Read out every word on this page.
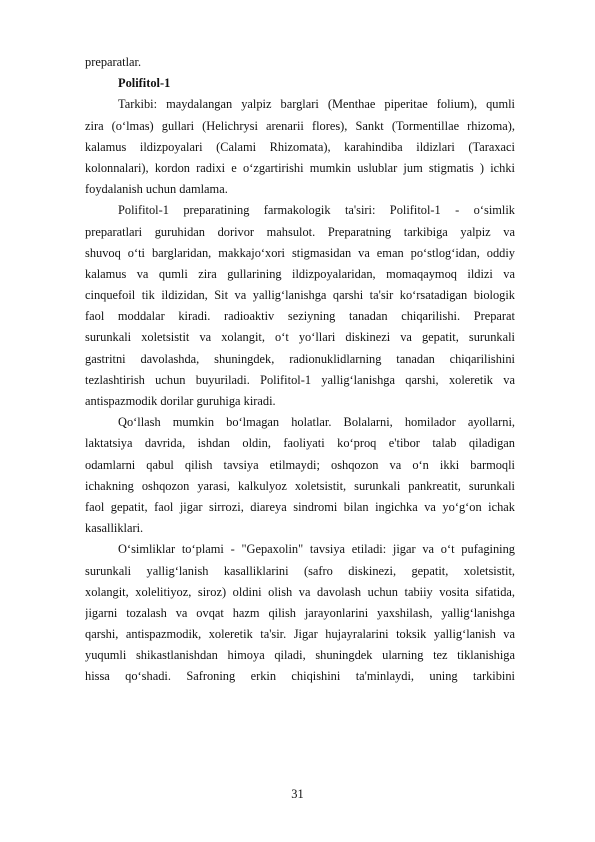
preparatlar.
Polifitol-1
Tarkibi: maydalangan yalpiz barglari (Menthae piperitae folium), qumli
zira (o‘lmas) gullari (Helichrysi arenarii flores), Sankt (Tormentillae rhizoma),
kalamus ildizpoyalari (Calami Rhizomata), karahindiba ildizlari (Taraxaci
kolonnalari), kordon radixi e o‘zgartirishi mumkin uslublar jum stigmatis ) ichki
foydalanish uchun damlama.
Polifitol-1 preparatining farmakologik ta'siri: Polifitol-1 - o‘simlik
preparatlari guruhidan dorivor mahsulot. Preparatning tarkibiga yalpiz va
shuvoq o‘ti barglaridan, makkajo‘xori stigmasidan va eman po‘stlog‘idan, oddiy
kalamus va qumli zira gullarining ildizpoyalaridan, momaqaymoq ildizi va
cinquefoil tik ildizidan, Sit va yallig‘lanishga qarshi ta'sir ko‘rsatadigan biologik
faol moddalar kiradi. radioaktiv seziyning tanadan chiqarilishi. Preparat
surunkali xoletsistit va xolangit, o‘t yo‘llari diskinezi va gepatit, surunkali
gastritni davolashda, shuningdek, radionuklidlarning tanadan chiqarilishini
tezlashtirish uchun buyuriladi. Polifitol-1 yallig‘lanishga qarshi, xoleretik va
antispazmodik dorilar guruhiga kiradi.
Qo‘llash mumkin bo‘lmagan holatlar. Bolalarni, homilador ayollarni,
laktatsiya davrida, ishdan oldin, faoliyati ko‘proq e'tibor talab qiladigan
odamlarni qabul qilish tavsiya etilmaydi; oshqozon va o‘n ikki barmoqli
ichakning oshqozon yarasi, kalkulyoz xoletsistit, surunkali pankreatit, surunkali
faol gepatit, faol jigar sirrozi, diareya sindromi bilan ingichka va yo‘g‘on ichak
kasalliklari.
O‘simliklar to‘plami - "Gepaxolin" tavsiya etiladi: jigar va o‘t pufagining
surunkali yallig‘lanish kasalliklarini (safro diskinezi, gepatit, xoletsistit,
xolangit, xolelitiyoz, siroz) oldini olish va davolash uchun tabiiy vosita sifatida,
jigarni tozalash va ovqat hazm qilish jarayonlarini yaxshilash, yallig‘lanishga
qarshi, antispazmodik, xoleretik ta'sir. Jigar hujayralarini toksik yallig‘lanish va
yuqumli shikastlanishdan himoya qiladi, shuningdek ularning tez tiklanishiga
hissa qo‘shadi. Safroning erkin chiqishini ta'minlaydi, uning tarkibini
31
